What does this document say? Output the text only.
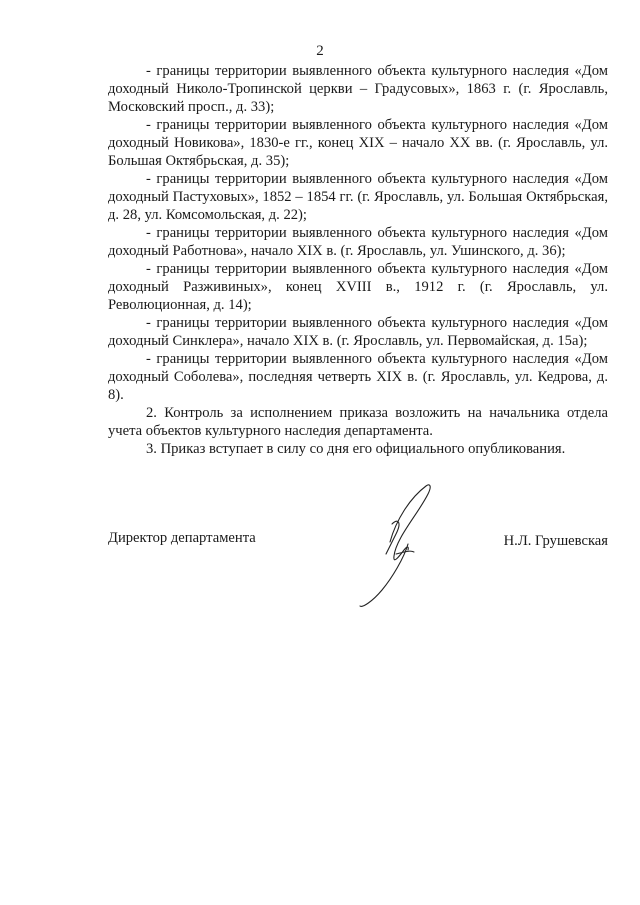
2

- границы территории выявленного объекта культурного наследия «Дом доходный Николо-Тропинской церкви – Градусовых», 1863 г. (г. Ярославль, Московский просп., д. 33);

- границы территории выявленного объекта культурного наследия «Дом доходный Новикова», 1830-е гг., конец XIX – начало XX вв. (г. Ярославль, ул. Большая Октябрьская, д. 35);

- границы территории выявленного объекта культурного наследия «Дом доходный Пастуховых», 1852 – 1854 гг. (г. Ярославль, ул. Большая Октябрьская, д. 28, ул. Комсомольская, д. 22);

- границы территории выявленного объекта культурного наследия «Дом доходный Работнова», начало XIX в. (г. Ярославль, ул. Ушинского, д. 36);

- границы территории выявленного объекта культурного наследия «Дом доходный Разживиных», конец XVIII в., 1912 г. (г. Ярославль, ул. Революционная, д. 14);

- границы территории выявленного объекта культурного наследия «Дом доходный Синклера», начало XIX в. (г. Ярославль, ул. Первомайская, д. 15а);

- границы территории выявленного объекта культурного наследия «Дом доходный Соболева», последняя четверть XIX в. (г. Ярославль, ул. Кедрова, д. 8).

2. Контроль за исполнением приказа возложить на начальника отдела учета объектов культурного наследия департамента.

3. Приказ вступает в силу со дня его официального опубликования.

Директор департамента	Н.Л. Грушевская
